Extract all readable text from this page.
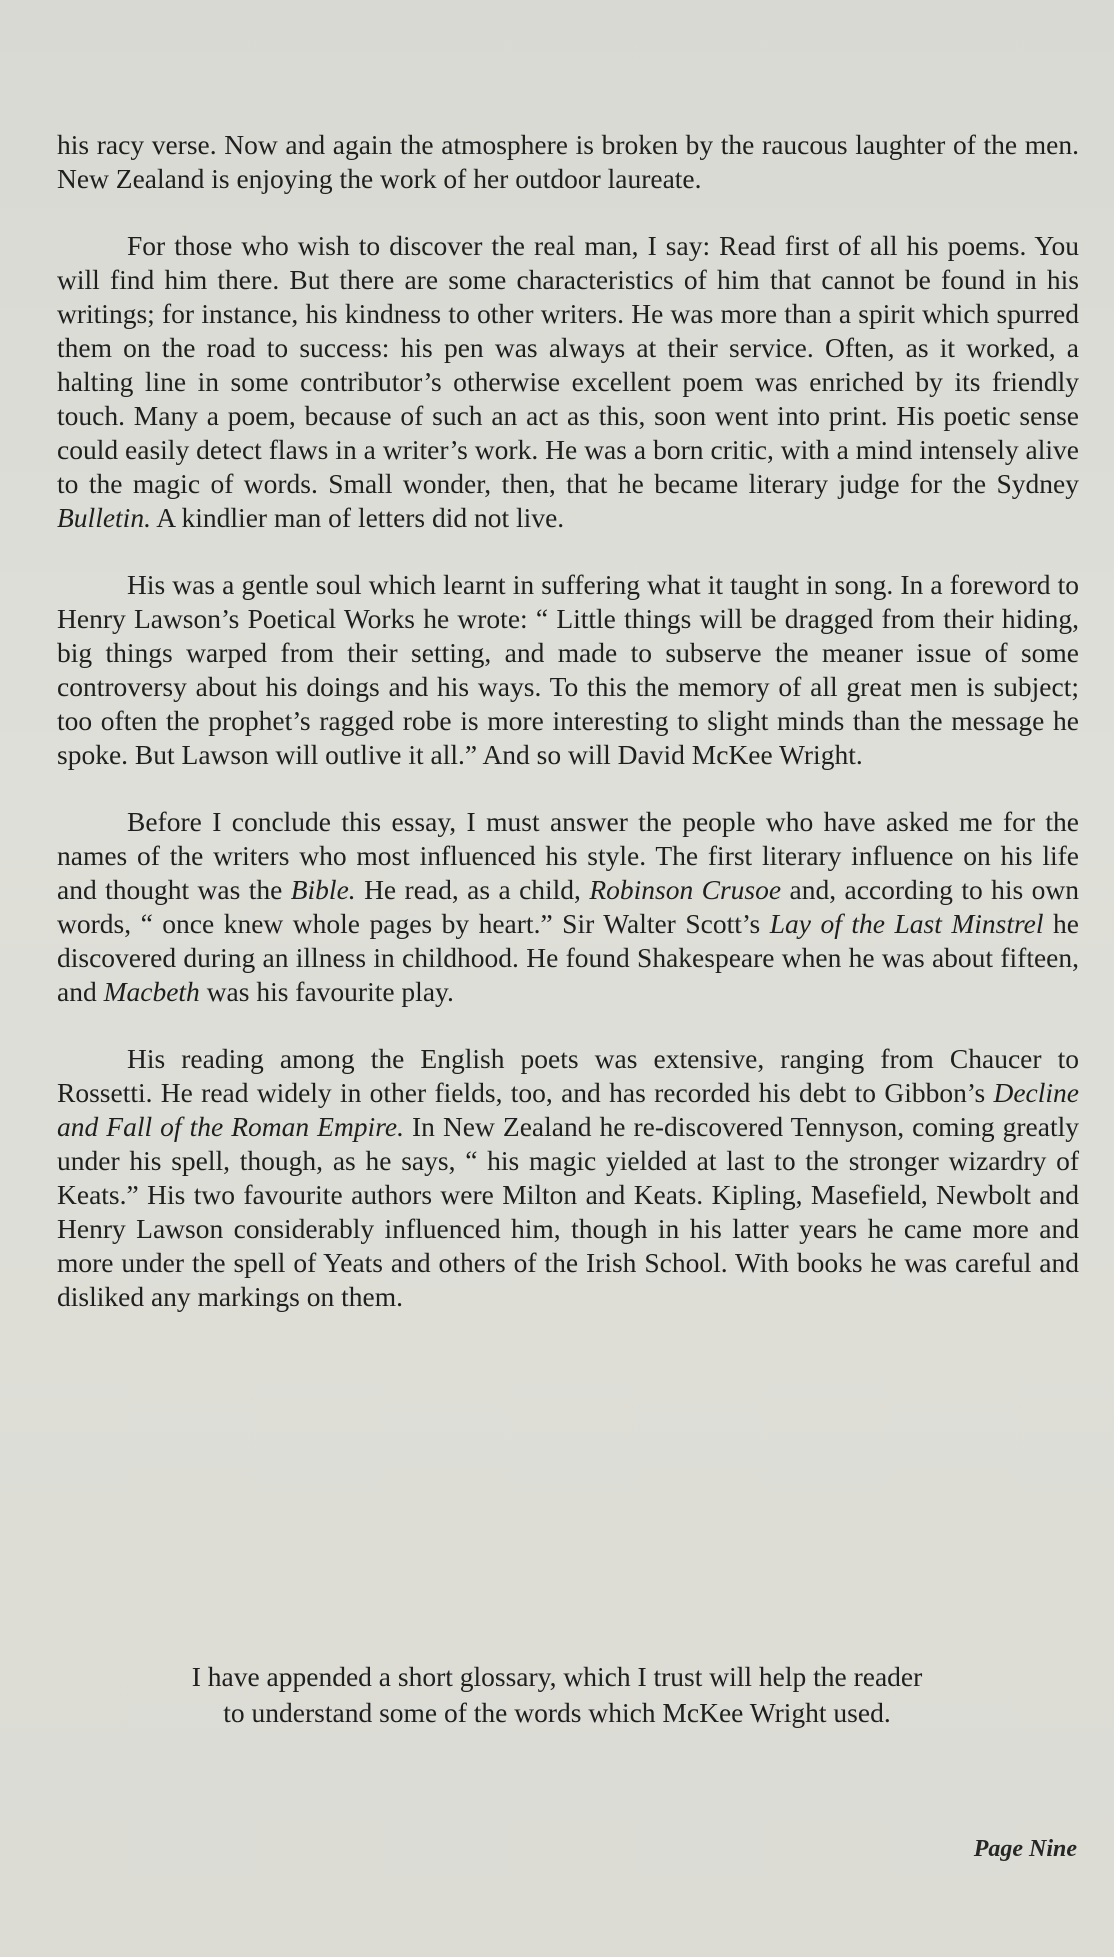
his racy verse. Now and again the atmosphere is broken by the raucous laughter of the men. New Zealand is enjoying the work of her outdoor laureate.

For those who wish to discover the real man, I say: Read first of all his poems. You will find him there. But there are some characteristics of him that cannot be found in his writings; for instance, his kindness to other writers. He was more than a spirit which spurred them on the road to success: his pen was always at their service. Often, as it worked, a halting line in some contributor’s otherwise excellent poem was enriched by its friendly touch. Many a poem, because of such an act as this, soon went into print. His poetic sense could easily detect flaws in a writer’s work. He was a born critic, with a mind intensely alive to the magic of words. Small wonder, then, that he became literary judge for the Sydney Bulletin. A kindlier man of letters did not live.

His was a gentle soul which learnt in suffering what it taught in song. In a foreword to Henry Lawson’s Poetical Works he wrote: “ Little things will be dragged from their hiding, big things warped from their setting, and made to subserve the meaner issue of some controversy about his doings and his ways. To this the memory of all great men is subject; too often the prophet’s ragged robe is more interesting to slight minds than the message he spoke. But Lawson will outlive it all.” And so will David McKee Wright.

Before I conclude this essay, I must answer the people who have asked me for the names of the writers who most influenced his style. The first literary influence on his life and thought was the Bible. He read, as a child, Robinson Crusoe and, according to his own words, “ once knew whole pages by heart.” Sir Walter Scott’s Lay of the Last Minstrel he discovered during an illness in childhood. He found Shakespeare when he was about fifteen, and Macbeth was his favourite play.

His reading among the English poets was extensive, ranging from Chaucer to Rossetti. He read widely in other fields, too, and has recorded his debt to Gibbon’s Decline and Fall of the Roman Empire. In New Zealand he re-discovered Tennyson, coming greatly under his spell, though, as he says, “ his magic yielded at last to the stronger wizardry of Keats.” His two favourite authors were Milton and Keats. Kipling, Masefield, Newbolt and Henry Lawson considerably influenced him, though in his latter years he came more and more under the spell of Yeats and others of the Irish School. With books he was careful and disliked any markings on them.

I have appended a short glossary, which I trust will help the reader
to understand some of the words which McKee Wright used.
Page Nine
